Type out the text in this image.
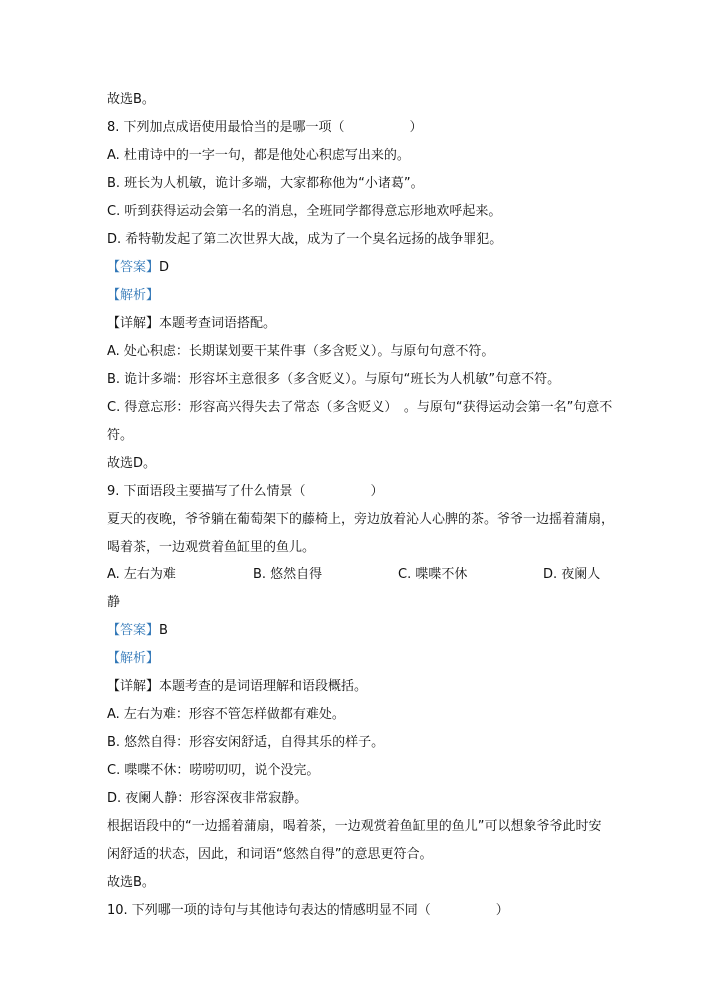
故选B。
8. 下列加点成语使用最恰当的是哪一项（　　　　　）
A. 杜甫诗中的一字一句，都是他处心积虑写出来的。
B. 班长为人机敏，诡计多端，大家都称他为“小诸葛”。
C. 听到获得运动会第一名的消息，全班同学都得意忘形地欢呼起来。
D. 希特勒发起了第二次世界大战，成为了一个臭名远扬的战争罪犯。
【答案】D
【解析】
【详解】本题考查词语搭配。
A. 处心积虑：长期谋划要干某件事（多含贬义）。与原句句意不符。
B. 诡计多端：形容坏主意很多（多含贬义）。与原句“班长为人机敏”句意不符。
C. 得意忘形：形容高兴得失去了常态（多含贬义）　。与原句“获得运动会第一名”句意不
符。
故选D。
9. 下面语段主要描写了什么情景（　　　　　）
夏天的夜晚，爷爷躺在葡萄架下的藤椅上，旁边放着沁人心脾的茶。爷爷一边摇着蒲扇，
喝着茶，一边观赏着鱼缸里的鱼儿。
A. 左右为难	B. 悠然自得	C. 喋喋不休	D. 夜阑人
静
【答案】B
【解析】
【详解】本题考查的是词语理解和语段概括。
A. 左右为难：形容不管怎样做都有难处。
B. 悠然自得：形容安闲舒适，自得其乐的样子。
C. 喋喋不休：唠唠叨叨，说个没完。
D. 夜阑人静：形容深夜非常寂静。
根据语段中的“一边摇着蒲扇，喝着茶，一边观赏着鱼缸里的鱼儿”可以想象爷爷此时安
闲舒适的状态，因此，和词语“悠然自得”的意思更符合。
故选B。
10. 下列哪一项的诗句与其他诗句表达的情感明显不同（　　　　　）
